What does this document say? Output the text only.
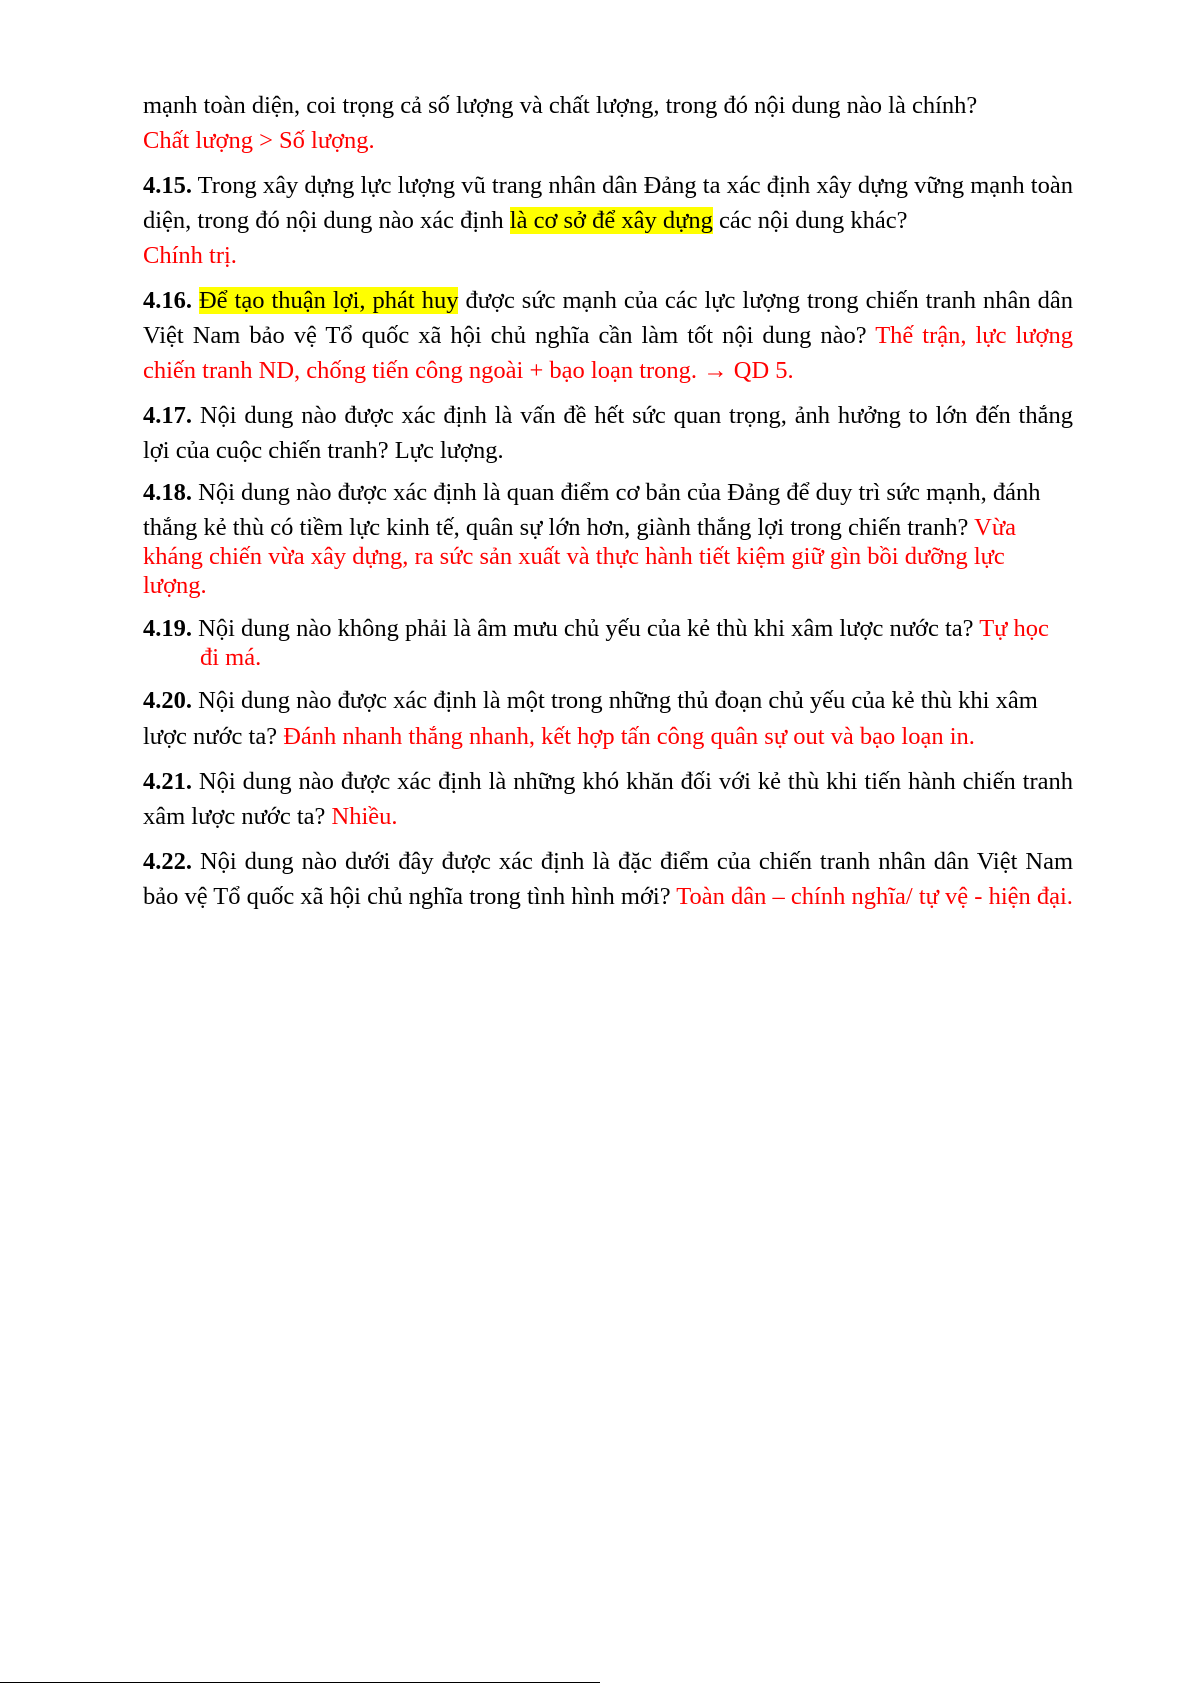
mạnh toàn diện, coi trọng cả số lượng và chất lượng, trong đó nội dung nào là chính?
Chất lượng > Số lượng.

4.15. Trong xây dựng lực lượng vũ trang nhân dân Đảng ta xác định xây dựng vững mạnh toàn diện, trong đó nội dung nào xác định là cơ sở để xây dựng các nội dung khác?
Chính trị.

4.16. Để tạo thuận lợi, phát huy được sức mạnh của các lực lượng trong chiến tranh nhân dân Việt Nam bảo vệ Tổ quốc xã hội chủ nghĩa cần làm tốt nội dung nào? Thế trận, lực lượng chiến tranh ND, chống tiến công ngoài + bạo loạn trong. → QD 5.

4.17. Nội dung nào được xác định là vấn đề hết sức quan trọng, ảnh hưởng to lớn đến thắng lợi của cuộc chiến tranh? Lực lượng.

4.18. Nội dung nào được xác định là quan điểm cơ bản của Đảng để duy trì sức mạnh, đánh

thắng kẻ thù có tiềm lực kinh tế, quân sự lớn hơn, giành thắng lợi trong chiến tranh? Vừa kháng chiến vừa xây dựng, ra sức sản xuất và thực hành tiết kiệm giữ gìn bồi dưỡng lực lượng.

4.19. Nội dung nào không phải là âm mưu chủ yếu của kẻ thù khi xâm lược nước ta? Tự học đi má.

4.20. Nội dung nào được xác định là một trong những thủ đoạn chủ yếu của kẻ thù khi xâm

lược nước ta? Đánh nhanh thắng nhanh, kết hợp tấn công quân sự out và bạo loạn in.

4.21. Nội dung nào được xác định là những khó khăn đối với kẻ thù khi tiến hành chiến tranh xâm lược nước ta? Nhiều.

4.22. Nội dung nào dưới đây được xác định là đặc điểm của chiến tranh nhân dân Việt Nam bảo vệ Tổ quốc xã hội chủ nghĩa trong tình hình mới? Toàn dân – chính nghĩa/ tự vệ - hiện đại.
